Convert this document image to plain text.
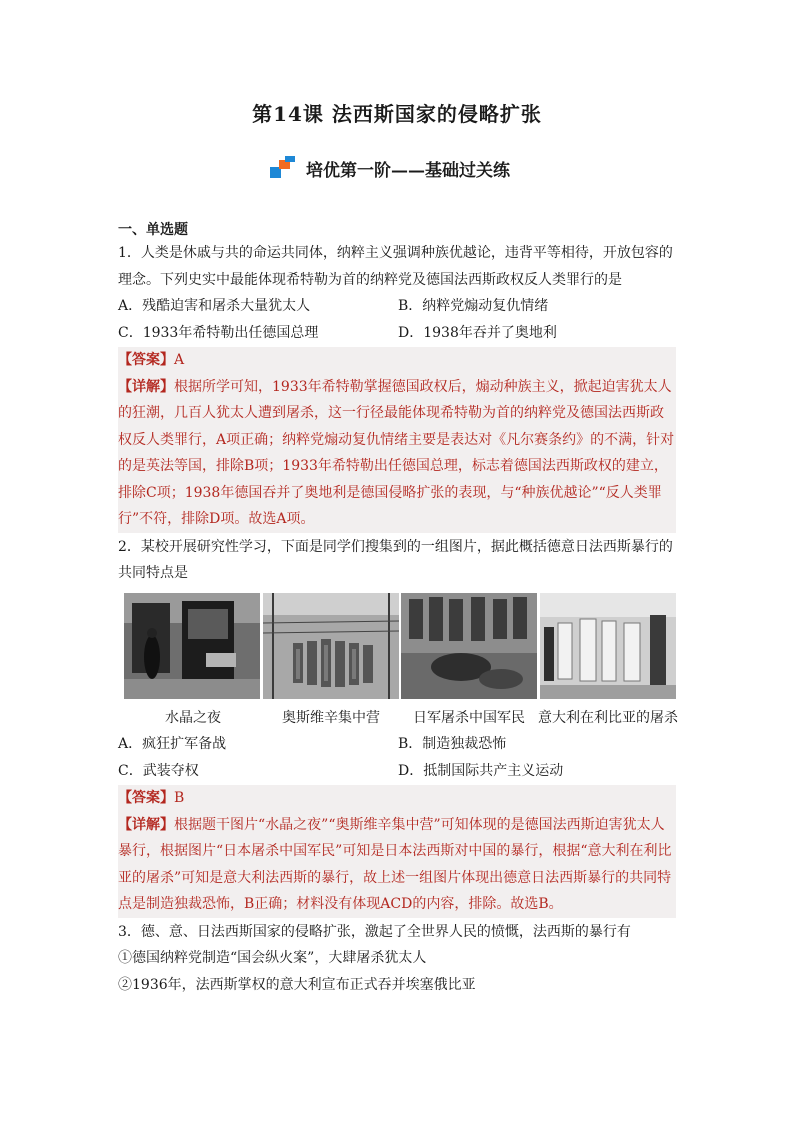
第14课 法西斯国家的侵略扩张
培优第一阶——基础过关练
一、单选题
1．人类是休戚与共的命运共同体，纳粹主义强调种族优越论，违背平等相待，开放包容的理念。下列史实中最能体现希特勒为首的纳粹党及德国法西斯政权反人类罪行的是
A．残酷迫害和屠杀大量犹太人	B．纳粹党煽动复仇情绪
C．1933年希特勒出任德国总理	D．1938年吞并了奥地利
【答案】A
【详解】根据所学可知，1933年希特勒掌握德国政权后，煽动种族主义，掀起迫害犹太人的狂潮，几百人犹太人遭到屠杀，这一行径最能体现希特勒为首的纳粹党及德国法西斯政权反人类罪行，A项正确；纳粹党煽动复仇情绪主要是表达对《凡尔赛条约》的不满，针对的是英法等国，排除B项；1933年希特勒出任德国总理，标志着德国法西斯政权的建立，排除C项；1938年德国吞并了奥地利是德国侵略扩张的表现，与“种族优越论”“反人类罪行”不符，排除D项。故选A项。
2．某校开展研究性学习，下面是同学们搜集到的一组图片，据此概括德意日法西斯暴行的共同特点是
水晶之夜	奥斯维辛集中营	日军屠杀中国军民 意大利在利比亚的屠杀
A．疯狂扩军备战	B．制造独裁恐怖
C．武装夺权	D．抵制国际共产主义运动
【答案】B
【详解】根据题干图片“水晶之夜”“奥斯维辛集中营”可知体现的是德国法西斯迫害犹太人暴行，根据图片“日本屠杀中国军民”可知是日本法西斯对中国的暴行，根据“意大利在利比亚的屠杀”可知是意大利法西斯的暴行，故上述一组图片体现出德意日法西斯暴行的共同特点是制造独裁恐怖，B正确；材料没有体现ACD的内容，排除。故选B。
3．德、意、日法西斯国家的侵略扩张，激起了全世界人民的愤慨，法西斯的暴行有
①德国纳粹党制造“国会纵火案”，大肆屠杀犹太人
②1936年，法西斯掌权的意大利宣布正式吞并埃塞俄比亚
